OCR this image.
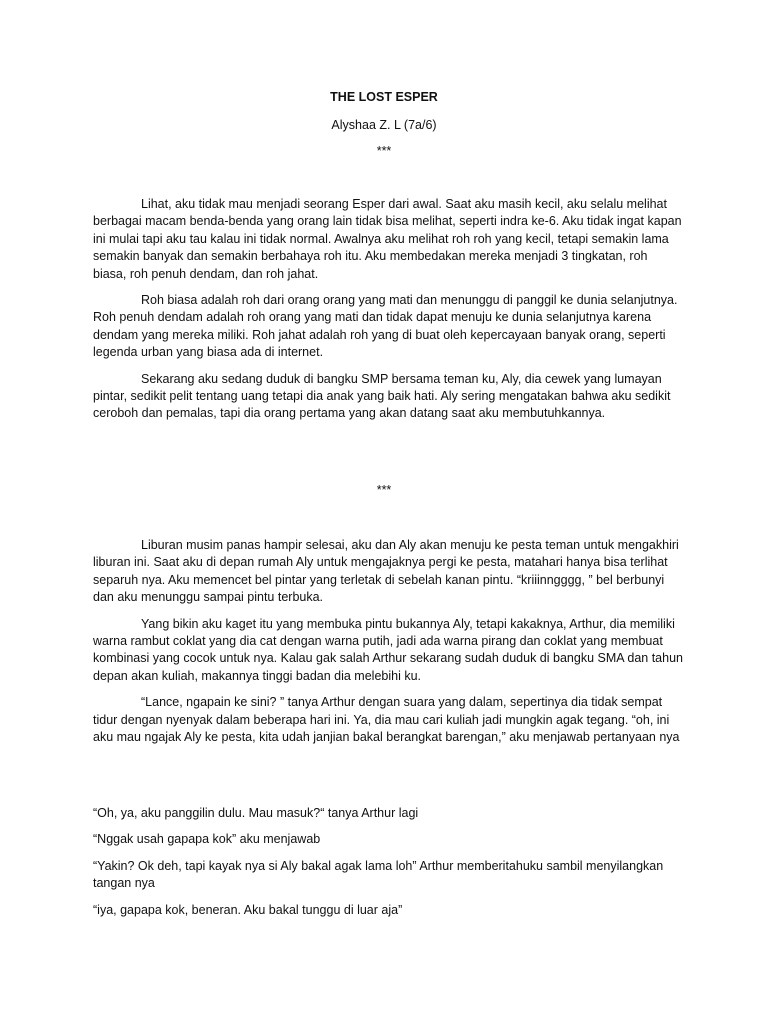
THE LOST ESPER
Alyshaa Z. L (7a/6)
***

Lihat, aku tidak mau menjadi seorang Esper dari awal. Saat aku masih kecil, aku selalu melihat berbagai macam benda-benda yang orang lain tidak bisa melihat, seperti indra ke-6. Aku tidak ingat kapan ini mulai tapi aku tau kalau ini tidak normal. Awalnya aku melihat roh roh yang kecil, tetapi semakin lama semakin banyak dan semakin berbahaya roh itu. Aku membedakan mereka menjadi 3 tingkatan, roh biasa, roh penuh dendam, dan roh jahat.

Roh biasa adalah roh dari orang orang yang mati dan menunggu di panggil ke dunia selanjutnya. Roh penuh dendam adalah roh orang yang mati dan tidak dapat menuju ke dunia selanjutnya karena dendam yang mereka miliki. Roh jahat adalah roh yang di buat oleh kepercayaan banyak orang, seperti legenda urban yang biasa ada di internet.

Sekarang aku sedang duduk di bangku SMP bersama teman ku, Aly, dia cewek yang lumayan pintar, sedikit pelit tentang uang tetapi dia anak yang baik hati. Aly sering mengatakan bahwa aku sedikit ceroboh dan pemalas, tapi dia orang pertama yang akan datang saat aku membutuhkannya.

***

Liburan musim panas hampir selesai, aku dan Aly akan menuju ke pesta teman untuk mengakhiri liburan ini. Saat aku di depan rumah Aly untuk mengajaknya pergi ke pesta, matahari hanya bisa terlihat separuh nya. Aku memencet bel pintar yang terletak di sebelah kanan pintu. “kriiinngggg, ” bel berbunyi dan aku menunggu sampai pintu terbuka.

Yang bikin aku kaget itu yang membuka pintu bukannya Aly, tetapi kakaknya, Arthur, dia memiliki warna rambut coklat yang dia cat dengan warna putih, jadi ada warna pirang dan coklat yang membuat kombinasi yang cocok untuk nya. Kalau gak salah Arthur sekarang sudah duduk di bangku SMA dan tahun depan akan kuliah, makannya tinggi badan dia melebihi ku.

“Lance, ngapain ke sini? ” tanya Arthur dengan suara yang dalam, sepertinya dia tidak sempat tidur dengan nyenyak dalam beberapa hari ini. Ya, dia mau cari kuliah jadi mungkin agak tegang. “oh, ini aku mau ngajak Aly ke pesta, kita udah janjian bakal berangkat barengan,” aku menjawab pertanyaan nya

“Oh, ya, aku panggilin dulu. Mau masuk?“ tanya Arthur lagi

“Nggak usah gapapa kok” aku menjawab

“Yakin? Ok deh, tapi kayak nya si Aly bakal agak lama loh” Arthur memberitahuku sambil menyilangkan tangan nya

“iya, gapapa kok, beneran. Aku bakal tunggu di luar aja”
